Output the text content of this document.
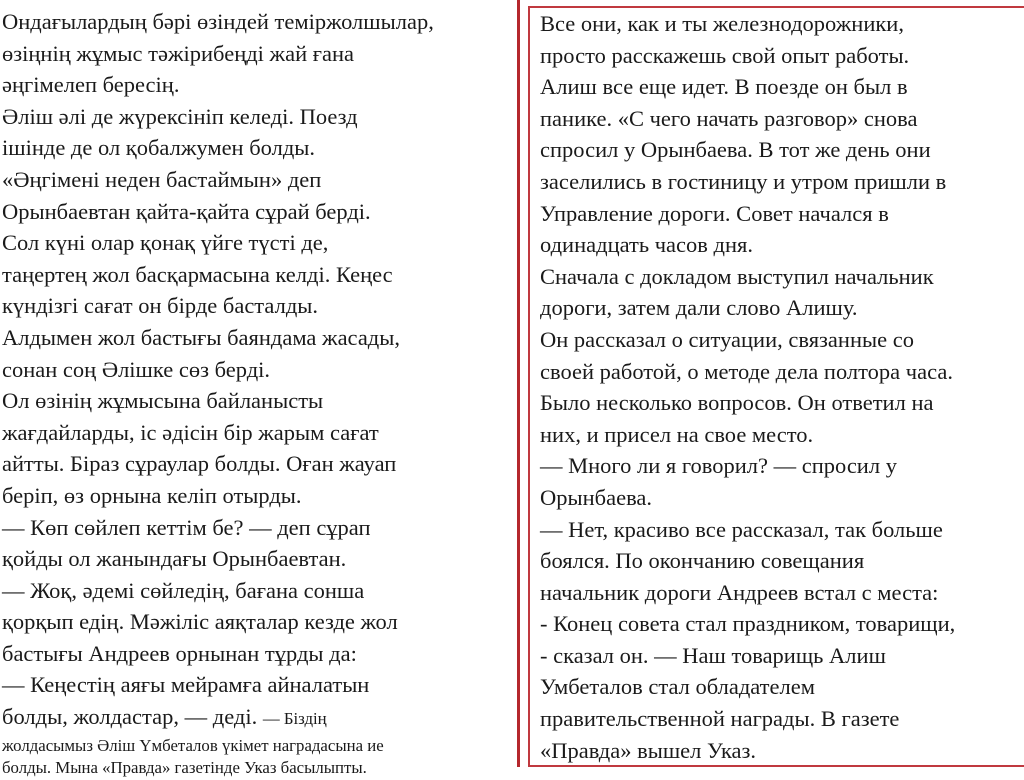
Ондағылардың бәрі өзіндей теміржолшылар,
өзіңнің жұмыс тәжірибеңді жай ғана
әңгімелеп бересің.
Әліш әлі де жүрексініп келеді. Поезд
ішінде де ол қобалжумен болды.
«Әңгімені неден бастаймын» деп
Орынбаевтан қайта-қайта сұрай берді.
Сол күні олар қонақ үйге түсті де,
таңертең жол басқармасына келді. Кеңес
күндізгі сағат он бірде басталды.
Алдымен жол бастығы баяндама жасады,
сонан соң Әлішке сөз берді.
Ол өзінің жұмысына байланысты
жағдайларды, іс әдісін бір жарым сағат
айтты. Біраз сұраулар болды. Оған жауап
беріп, өз орнына келіп отырды.
— Көп сөйлеп кеттім бе? — деп сұрап
қойды ол жанындағы Орынбаевтан.
— Жоқ, әдемі сөйледің, бағана сонша
қорқып едің. Мәжіліс аяқталар кезде жол
бастығы Андреев орнынан тұрды да:
— Кеңестің аяғы мейрамға айналатын
болды, жолдастар, — деді. — Біздің
жолдасымыз Әліш Үмбеталов үкімет наградасына ие
болды. Мына «Правда» газетінде Указ басылыпты.
Все они, как и ты железнодорожники,
просто расскажешь свой опыт работы.
Алиш все еще идет. В поезде он был в
панике. «С чего начать разговор» снова
спросил у Орынбаева. В тот же день они
заселились в гостиницу и утром пришли в
Управление дороги. Совет начался в
одинадцать часов дня.
Сначала с докладом выступил начальник
дороги, затем дали слово Алишу.
Он рассказал о ситуации, связанные со
своей работой, о методе дела полтора часа.
Было несколько вопросов. Он ответил на
них, и присел на свое место.
— Много ли я говорил? — спросил у
Орынбаева.
— Нет, красиво все рассказал, так больше
боялся. По окончанию совещания
начальник дороги Андреев встал с места:
- Конец совета стал праздником, товарищи,
- сказал он. — Наш товарищь Алиш
Умбеталов стал обладателем
правительственной награды. В газете
«Правда» вышел Указ.
